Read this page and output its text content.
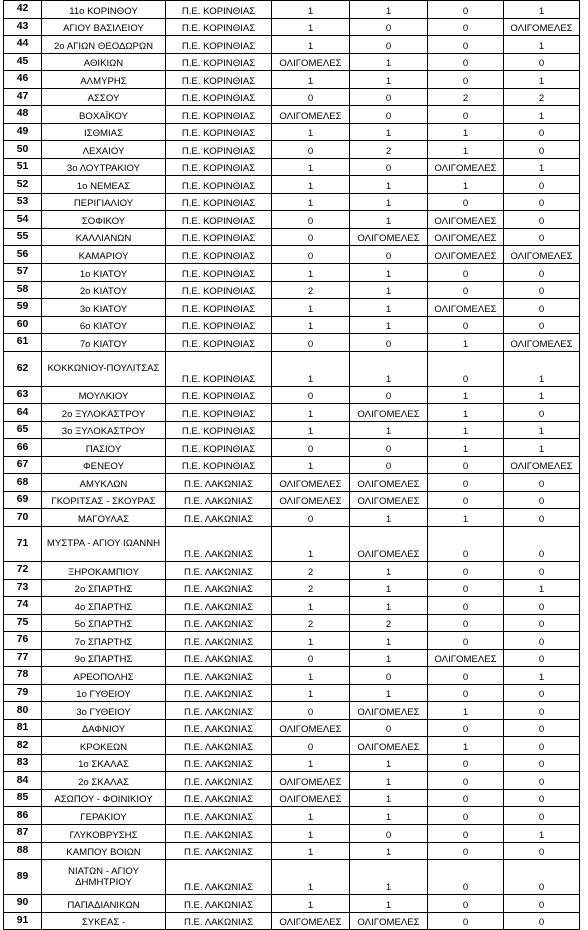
42	11ο ΚΟΡΙΝΘΟΥ	Π.Ε. ΚΟΡΙΝΘΙΑΣ	1	1	0	1
43	ΑΓΙΟΥ ΒΑΣΙΛΕΙΟΥ	Π.Ε. ΚΟΡΙΝΘΙΑΣ	1	0	0	ΟΛΙΓΟΜΕΛΕΣ
44	2ο ΑΓΙΩΝ ΘΕΟΔΩΡΩΝ	Π.Ε. ΚΟΡΙΝΘΙΑΣ	1	0	0	1
45	ΑΘΙΚΙΩΝ	Π.Ε. ΚΟΡΙΝΘΙΑΣ	ΟΛΙΓΟΜΕΛΕΣ	1	0	0
46	ΑΛΜΥΡΗΣ	Π.Ε. ΚΟΡΙΝΘΙΑΣ	1	1	0	1
47	ΑΣΣΟΥ	Π.Ε. ΚΟΡΙΝΘΙΑΣ	0	0	2	2
48	ΒΟΧΑΪΚΟΥ	Π.Ε. ΚΟΡΙΝΘΙΑΣ	ΟΛΙΓΟΜΕΛΕΣ	0	0	1
49	ΙΣΘΜΙΑΣ	Π.Ε. ΚΟΡΙΝΘΙΑΣ	1	1	1	0
50	ΛΕΧΑΙΟΥ	Π.Ε. ΚΟΡΙΝΘΙΑΣ	0	2	1	0
51	3ο ΛΟΥΤΡΑΚΙΟΥ	Π.Ε. ΚΟΡΙΝΘΙΑΣ	1	0	ΟΛΙΓΟΜΕΛΕΣ	1
52	1ο ΝΕΜΕΑΣ	Π.Ε. ΚΟΡΙΝΘΙΑΣ	1	1	1	0
53	ΠΕΡΙΓΙΑΛΙΟΥ	Π.Ε. ΚΟΡΙΝΘΙΑΣ	1	1	0	0
54	ΣΟΦΙΚΟΥ	Π.Ε. ΚΟΡΙΝΘΙΑΣ	0	1	ΟΛΙΓΟΜΕΛΕΣ	0
55	ΚΑΛΛΙΑΝΩΝ	Π.Ε. ΚΟΡΙΝΘΙΑΣ	0	ΟΛΙΓΟΜΕΛΕΣ	ΟΛΙΓΟΜΕΛΕΣ	0
56	ΚΑΜΑΡΙΟΥ	Π.Ε. ΚΟΡΙΝΘΙΑΣ	0	0	ΟΛΙΓΟΜΕΛΕΣ	ΟΛΙΓΟΜΕΛΕΣ
57	1ο ΚΙΑΤΟΥ	Π.Ε. ΚΟΡΙΝΘΙΑΣ	1	1	0	0
58	2ο ΚΙΑΤΟΥ	Π.Ε. ΚΟΡΙΝΘΙΑΣ	2	1	0	0
59	3ο ΚΙΑΤΟΥ	Π.Ε. ΚΟΡΙΝΘΙΑΣ	1	1	ΟΛΙΓΟΜΕΛΕΣ	0
60	6ο ΚΙΑΤΟΥ	Π.Ε. ΚΟΡΙΝΘΙΑΣ	1	1	0	0
61	7ο ΚΙΑΤΟΥ	Π.Ε. ΚΟΡΙΝΘΙΑΣ	0	0	1	ΟΛΙΓΟΜΕΛΕΣ
62	ΚΟΚΚΩΝΙΟΥ-ΠΟΥΛΙΤΣΑΣ	Π.Ε. ΚΟΡΙΝΘΙΑΣ	1	1	0	1
63	ΜΟΥΛΚΙΟΥ	Π.Ε. ΚΟΡΙΝΘΙΑΣ	0	0	1	1
64	2ο ΞΥΛΟΚΑΣΤΡΟΥ	Π.Ε. ΚΟΡΙΝΘΙΑΣ	1	ΟΛΙΓΟΜΕΛΕΣ	1	0
65	3ο ΞΥΛΟΚΑΣΤΡΟΥ	Π.Ε. ΚΟΡΙΝΘΙΑΣ	1	1	1	1
66	ΠΑΣΙΟΥ	Π.Ε. ΚΟΡΙΝΘΙΑΣ	0	0	1	1
67	ΦΕΝΕΟΥ	Π.Ε. ΚΟΡΙΝΘΙΑΣ	1	0	0	ΟΛΙΓΟΜΕΛΕΣ
68	ΑΜΥΚΛΩΝ	Π.Ε. ΛΑΚΩΝΙΑΣ	ΟΛΙΓΟΜΕΛΕΣ	ΟΛΙΓΟΜΕΛΕΣ	0	0
69	ΓΚΟΡΙΤΣΑΣ - ΣΚΟΥΡΑΣ	Π.Ε. ΛΑΚΩΝΙΑΣ	ΟΛΙΓΟΜΕΛΕΣ	ΟΛΙΓΟΜΕΛΕΣ	0	0
70	ΜΑΓΟΥΛΑΣ	Π.Ε. ΛΑΚΩΝΙΑΣ	0	1	1	0
71	ΜΥΣΤΡΑ - ΑΓΙΟΥ ΙΩΑΝΝΗ	Π.Ε. ΛΑΚΩΝΙΑΣ	1	ΟΛΙΓΟΜΕΛΕΣ	0	0
72	ΞΗΡΟΚΑΜΠΙΟΥ	Π.Ε. ΛΑΚΩΝΙΑΣ	2	1	0	0
73	2ο ΣΠΑΡΤΗΣ	Π.Ε. ΛΑΚΩΝΙΑΣ	2	1	0	1
74	4ο ΣΠΑΡΤΗΣ	Π.Ε. ΛΑΚΩΝΙΑΣ	1	1	0	0
75	5ο ΣΠΑΡΤΗΣ	Π.Ε. ΛΑΚΩΝΙΑΣ	2	2	0	0
76	7ο ΣΠΑΡΤΗΣ	Π.Ε. ΛΑΚΩΝΙΑΣ	1	1	0	0
77	9ο ΣΠΑΡΤΗΣ	Π.Ε. ΛΑΚΩΝΙΑΣ	0	1	ΟΛΙΓΟΜΕΛΕΣ	0
78	ΑΡΕΟΠΟΛΗΣ	Π.Ε. ΛΑΚΩΝΙΑΣ	1	0	0	1
79	1ο ΓΥΘΕΙΟΥ	Π.Ε. ΛΑΚΩΝΙΑΣ	1	1	0	0
80	3ο ΓΥΘΕΙΟΥ	Π.Ε. ΛΑΚΩΝΙΑΣ	0	ΟΛΙΓΟΜΕΛΕΣ	1	0
81	ΔΑΦΝΙΟΥ	Π.Ε. ΛΑΚΩΝΙΑΣ	ΟΛΙΓΟΜΕΛΕΣ	0	0	0
82	ΚΡΟΚΕΩΝ	Π.Ε. ΛΑΚΩΝΙΑΣ	0	ΟΛΙΓΟΜΕΛΕΣ	1	0
83	1ο ΣΚΑΛΑΣ	Π.Ε. ΛΑΚΩΝΙΑΣ	1	1	0	0
84	2ο ΣΚΑΛΑΣ	Π.Ε. ΛΑΚΩΝΙΑΣ	ΟΛΙΓΟΜΕΛΕΣ	1	0	0
85	ΑΣΩΠΟΥ - ΦΟΙΝΙΚΙΟΥ	Π.Ε. ΛΑΚΩΝΙΑΣ	ΟΛΙΓΟΜΕΛΕΣ	1	0	0
86	ΓΕΡΑΚΙΟΥ	Π.Ε. ΛΑΚΩΝΙΑΣ	1	1	0	0
87	ΓΛΥΚΟΒΡΥΣΗΣ	Π.Ε. ΛΑΚΩΝΙΑΣ	1	0	0	1
88	ΚΑΜΠΟΥ ΒΟΙΩΝ	Π.Ε. ΛΑΚΩΝΙΑΣ	1	1	0	0
89	ΝΙΑΤΩΝ - ΑΓΙΟΥ ΔΗΜΗΤΡΙΟΥ	Π.Ε. ΛΑΚΩΝΙΑΣ	1	1	0	0
90	ΠΑΠΑΔΙΑΝΙΚΩΝ	Π.Ε. ΛΑΚΩΝΙΑΣ	1	1	0	0
91	ΣΥΚΕΑΣ -	Π.Ε. ΛΑΚΩΝΙΑΣ	ΟΛΙΓΟΜΕΛΕΣ	ΟΛΙΓΟΜΕΛΕΣ	0	0
